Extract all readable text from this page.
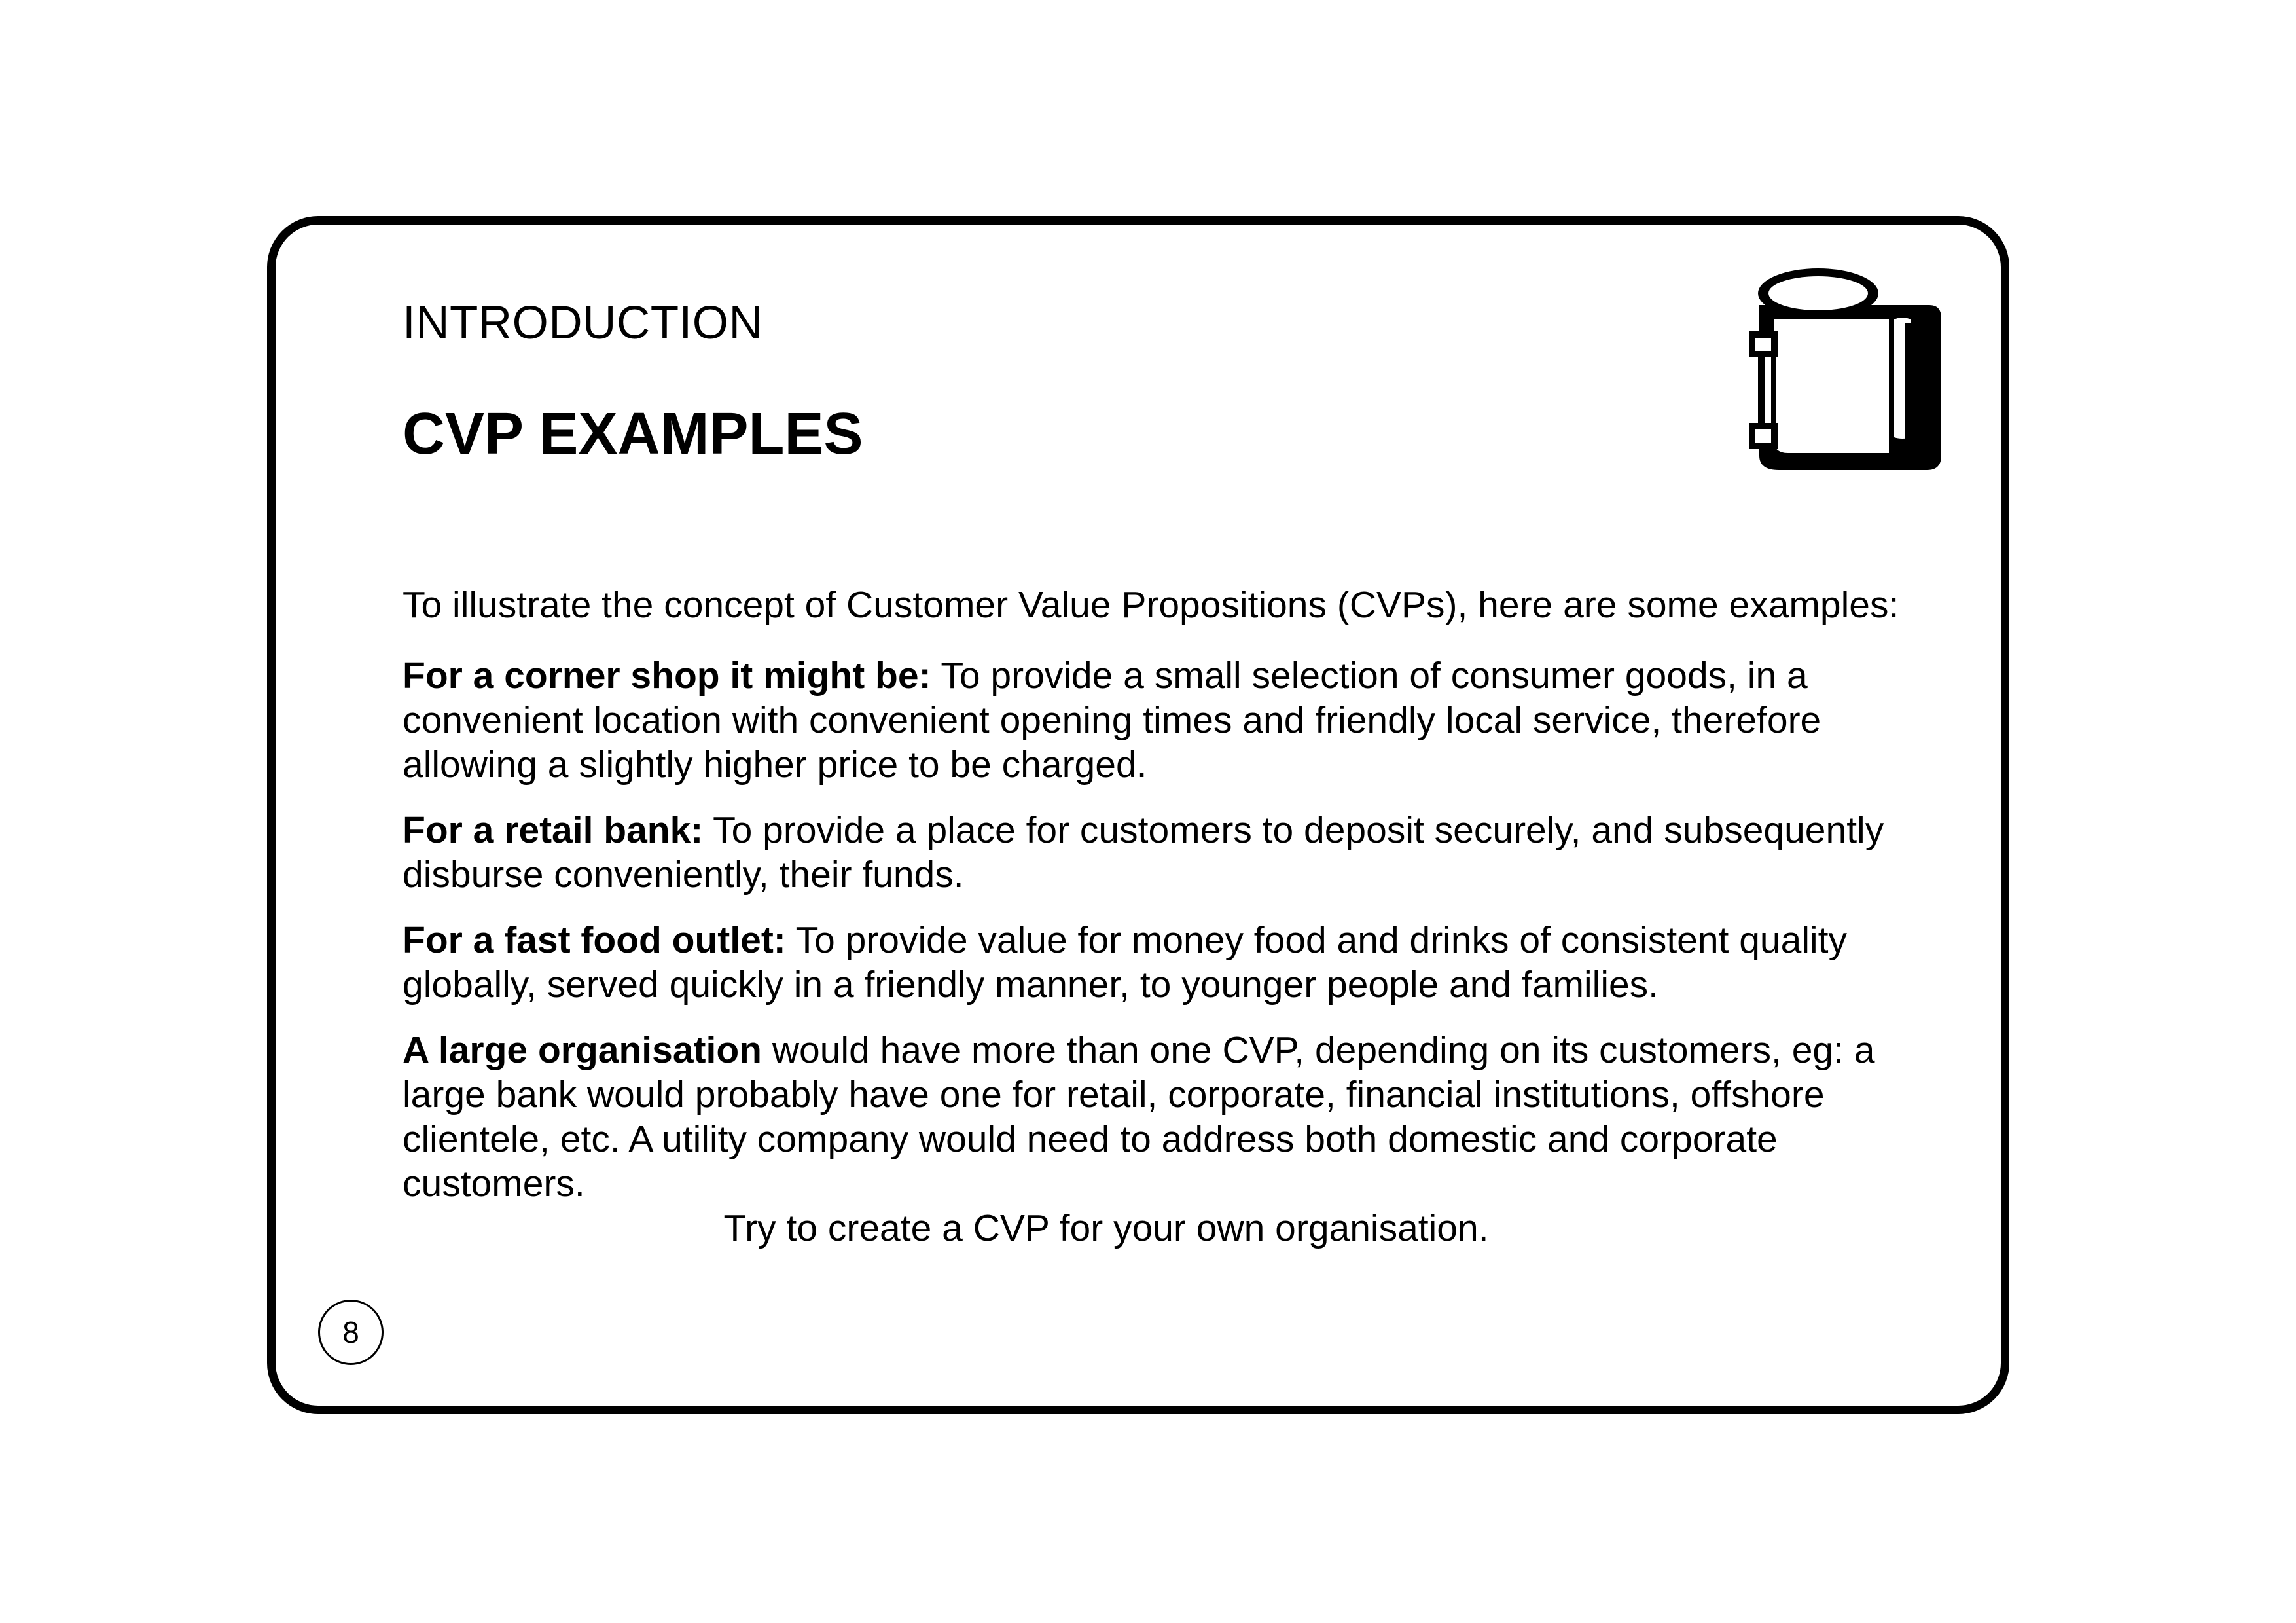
INTRODUCTION
CVP EXAMPLES

To illustrate the concept of Customer Value Propositions (CVPs), here are some examples:

For a corner shop it might be: To provide a small selection of consumer goods, in a convenient location with convenient opening times and friendly local service, therefore allowing a slightly higher price to be charged.

For a retail bank: To provide a place for customers to deposit securely, and subsequently disburse conveniently, their funds.

For a fast food outlet: To provide value for money food and drinks of consistent quality globally, served quickly in a friendly manner, to younger people and families.

A large organisation would have more than one CVP, depending on its customers, eg: a large bank would probably have one for retail, corporate, financial institutions, offshore clientele, etc. A utility company would need to address both domestic and corporate customers.

Try to create a CVP for your own organisation.

8
